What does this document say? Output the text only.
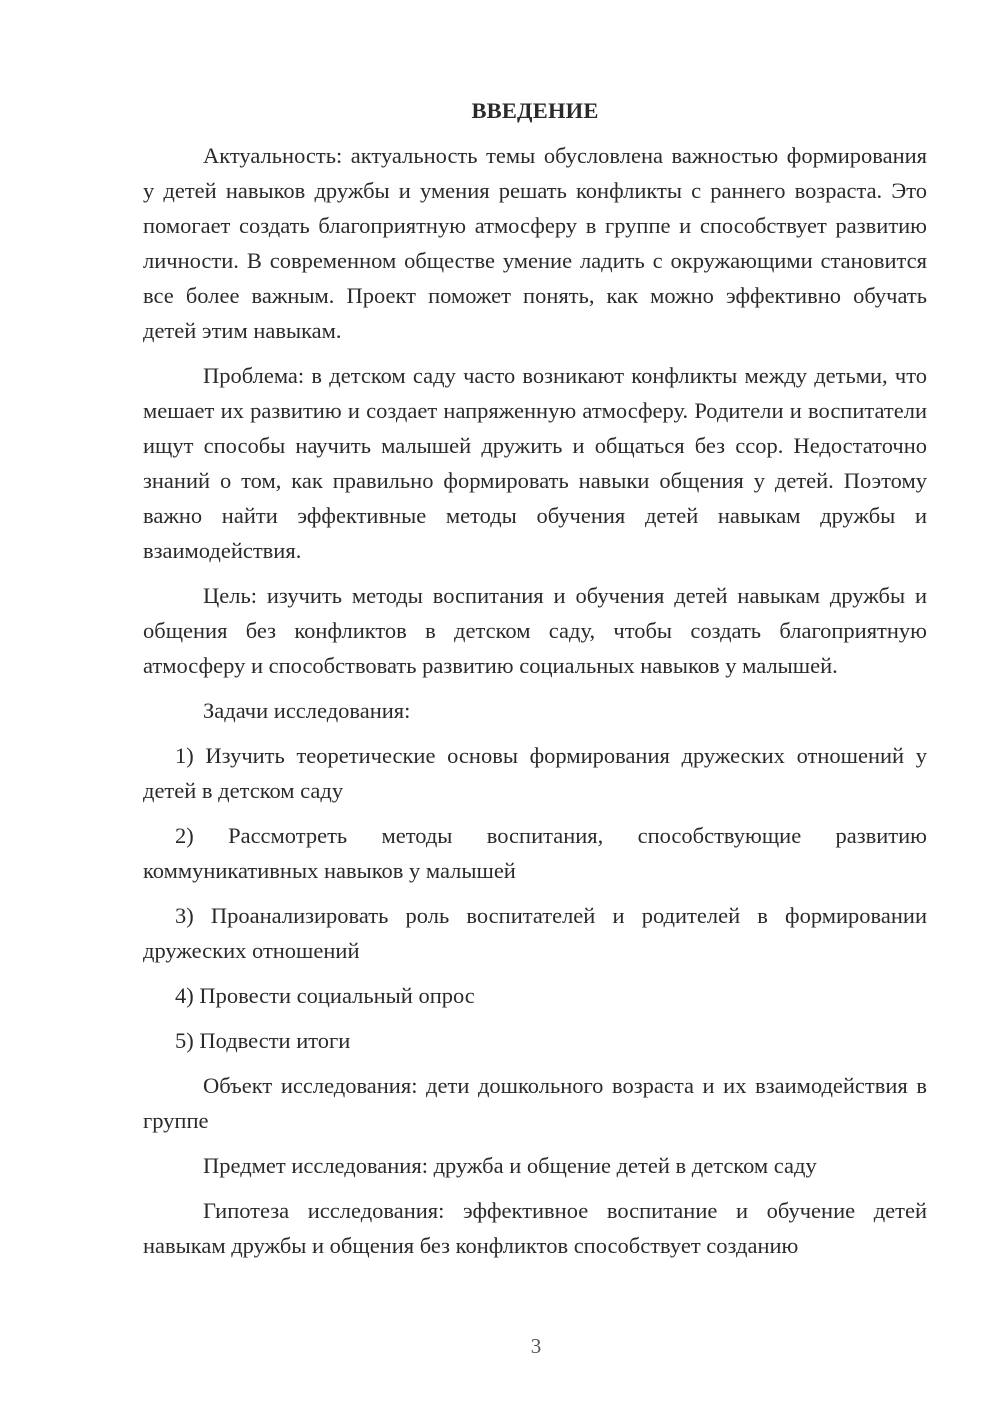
ВВЕДЕНИЕ

Актуальность: актуальность темы обусловлена важностью формирования у детей навыков дружбы и умения решать конфликты с раннего возраста. Это помогает создать благоприятную атмосферу в группе и способствует развитию личности. В современном обществе умение ладить с окружающими становится все более важным. Проект поможет понять, как можно эффективно обучать детей этим навыкам.

Проблема: в детском саду часто возникают конфликты между детьми, что мешает их развитию и создает напряженную атмосферу. Родители и воспитатели ищут способы научить малышей дружить и общаться без ссор. Недостаточно знаний о том, как правильно формировать навыки общения у детей. Поэтому важно найти эффективные методы обучения детей навыкам дружбы и взаимодействия.

Цель: изучить методы воспитания и обучения детей навыкам дружбы и общения без конфликтов в детском саду, чтобы создать благоприятную атмосферу и способствовать развитию социальных навыков у малышей.

Задачи исследования:

1) Изучить теоретические основы формирования дружеских отношений у детей в детском саду

2) Рассмотреть методы воспитания, способствующие развитию коммуникативных навыков у малышей

3) Проанализировать роль воспитателей и родителей в формировании дружеских отношений

4) Провести социальный опрос

5) Подвести итоги

Объект исследования: дети дошкольного возраста и их взаимодействия в группе

Предмет исследования: дружба и общение детей в детском саду

Гипотеза исследования: эффективное воспитание и обучение детей навыкам дружбы и общения без конфликтов способствует созданию

3
